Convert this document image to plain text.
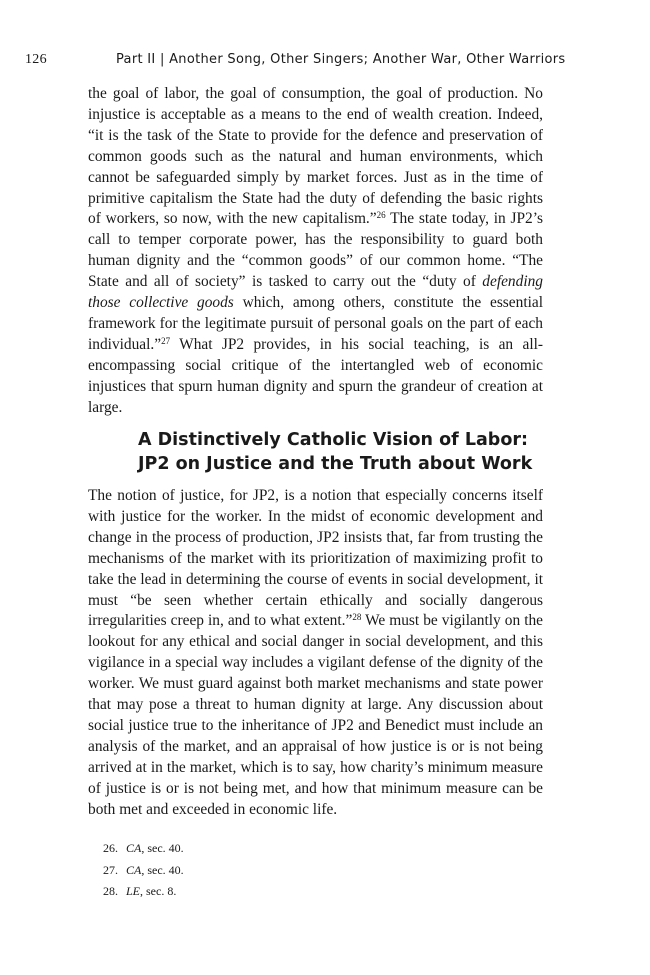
126	Part II | Another Song, Other Singers; Another War, Other Warriors

the goal of labor, the goal of consumption, the goal of production. No injustice is acceptable as a means to the end of wealth creation. Indeed, “it is the task of the State to provide for the defence and preservation of common goods such as the natural and human environments, which cannot be safeguarded simply by market forces. Just as in the time of primitive capitalism the State had the duty of defending the basic rights of workers, so now, with the new capitalism.”$^{26}$ The state today, in JP2’s call to temper corporate power, has the responsibility to guard both human dignity and the “common goods” of our common home. “The State and all of society” is tasked to carry out the “duty of defending those collective goods which, among others, constitute the essential framework for the legitimate pursuit of personal goals on the part of each individual.”$^{27}$ What JP2 provides, in his social teaching, is an all-encompassing social critique of the intertangled web of economic injustices that spurn human dignity and spurn the grandeur of creation at large.

A Distinctively Catholic Vision of Labor:
JP2 on Justice and the Truth about Work

The notion of justice, for JP2, is a notion that especially concerns itself with justice for the worker. In the midst of economic development and change in the process of production, JP2 insists that, far from trusting the mechanisms of the market with its prioritization of maximizing profit to take the lead in determining the course of events in social development, it must “be seen whether certain ethically and socially dangerous irregularities creep in, and to what extent.”$^{28}$ We must be vigilantly on the lookout for any ethical and social danger in social development, and this vigilance in a special way includes a vigilant defense of the dignity of the worker. We must guard against both market mechanisms and state power that may pose a threat to human dignity at large. Any discussion about social justice true to the inheritance of JP2 and Benedict must include an analysis of the market, and an appraisal of how justice is or is not being arrived at in the market, which is to say, how charity’s minimum measure of justice is or is not being met, and how that minimum measure can be both met and exceeded in economic life.

26. CA, sec. 40.
27. CA, sec. 40.
28. LE, sec. 8.
